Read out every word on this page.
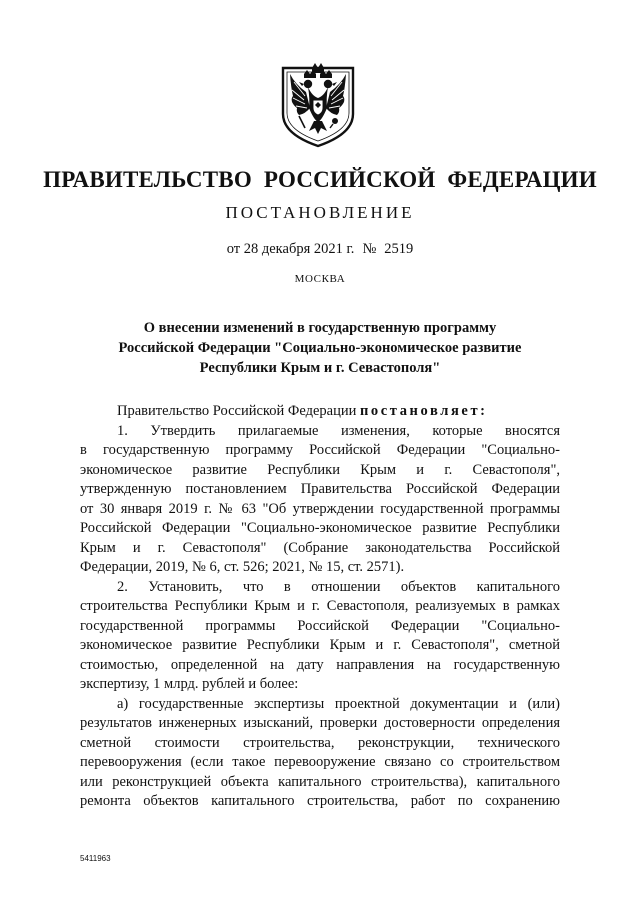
ПРАВИТЕЛЬСТВО РОССИЙСКОЙ ФЕДЕРАЦИИ
ПОСТАНОВЛЕНИЕ
от 28 декабря 2021 г. № 2519
МОСКВА
О внесении изменений в государственную программу
Российской Федерации "Социально-экономическое развитие
Республики Крым и г. Севастополя"
Правительство Российской Федерации постановляет:
1. Утвердить прилагаемые изменения, которые вносятся
в государственную программу Российской Федерации "Социально-
экономическое развитие Республики Крым и г. Севастополя",
утвержденную постановлением Правительства Российской Федерации
от 30 января 2019 г. № 63 "Об утверждении государственной программы
Российской Федерации "Социально-экономическое развитие Республики
Крым и г. Севастополя" (Собрание законодательства Российской
Федерации, 2019, № 6, ст. 526; 2021, № 15, ст. 2571).
2. Установить, что в отношении объектов капитального
строительства Республики Крым и г. Севастополя, реализуемых в рамках
государственной программы Российской Федерации "Социально-
экономическое развитие Республики Крым и г. Севастополя", сметной
стоимостью, определенной на дату направления на государственную
экспертизу, 1 млрд. рублей и более:
а) государственные экспертизы проектной документации и (или)
результатов инженерных изысканий, проверки достоверности определения
сметной стоимости строительства, реконструкции, технического
перевооружения (если такое перевооружение связано со строительством
или реконструкцией объекта капитального строительства), капитального
ремонта объектов капитального строительства, работ по сохранению
5411963
